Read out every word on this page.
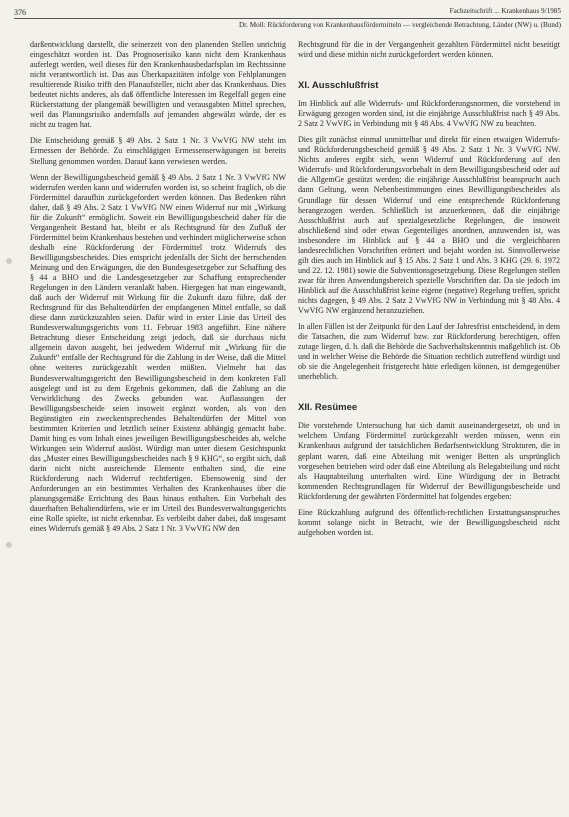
376	Fachzeitschrift ... Krankenhaus 9/1985
Dr. Moll: Rückforderung von Krankenhausfördermitteln — vergleichende Betrachtung, Länder (NW) u. (Bund)

darßentwicklung darstellt, die seinerzeit von den planenden Stellen unrichtig eingeschätzt worden ist. Das Prognoserisiko kann nicht dem Krankenhaus auferlegt werden, weil dieses für den Krankenhausbedarfsplan im Rechtssinne nicht verantwortlich ist. Das aus Überkapazitäten infolge von Fehlplanungen resultierende Risiko trifft den Planaufsteller, nicht aber das Krankenhaus. Dies bedeutet nichts anderes, als daß öffentliche Interessen im Regelfall gegen eine Rückerstattung der plangemäß bewilligten und verausgabten Mittel sprechen, weil das Planungsrisiko andernfalls auf jemanden abgewälzt würde, der es nicht zu tragen hat.

Die Entscheidung gemäß § 49 Abs. 2 Satz 1 Nr. 3 VwVfG NW steht im Ermessen der Behörde. Zu einschlägigen Ermessenserwägungen ist bereits Stellung genommen worden. Darauf kann verwiesen werden.

Wenn der Bewilligungsbescheid gemäß § 49 Abs. 2 Satz 1 Nr. 3 VwVfG NW widerrufen werden kann und widerrufen worden ist, so scheint fraglich, ob die Fördermittel daraufhin zurückgefordert werden können. Das Bedenken rührt daher, daß § 49 Abs. 2 Satz 1 VwVfG NW einen Widerruf nur mit „Wirkung für die Zukunft“ ermöglicht. Soweit ein Bewilligungsbescheid daher für die Vergangenheit Bestand hat, bleibt er als Rechtsgrund für den Zufluß der Fördermittel beim Krankenhaus bestehen und verhindert möglicherweise schon deshalb eine Rückforderung der Fördermittel trotz Widerrufs des Bewilligungsbescheides. Dies entspricht jedenfalls der Sicht der herrschenden Meinung und den Erwägungen, die den Bundesgesetzgeber zur Schaffung des § 44 a BHO und die Landesgesetzgeber zur Schaffung entsprechender Regelungen in den Ländern veranlaßt haben. Hiergegen hat man eingewandt, daß auch der Widerruf mit Wirkung für die Zukunft dazu führe, daß der Rechtsgrund für das Behaltendürfen der empfangenen Mittel entfalle, so daß diese dann zurückzuzahlen seien. Dafür wird in erster Linie das Urteil des Bundesverwaltungsgerichts vom 11. Februar 1983 angeführt. Eine nähere Betrachtung dieser Entscheidung zeigt jedoch, daß sie durchaus nicht allgemein davon ausgeht, bei jedwedem Widerruf mit „Wirkung für die Zukunft“ entfalle der Rechtsgrund für die Zahlung in der Weise, daß die Mittel ohne weiteres zurückgezahlt werden müßten. Vielmehr hat das Bundesverwaltungsgericht den Bewilligungsbescheid in dem konkreten Fall ausgelegt und ist zu dem Ergebnis gekommen, daß die Zahlung an die Verwirklichung des Zwecks gebunden war. Auflassungen der Bewilligungsbescheide seien insoweit ergänzt worden, als von den Begünstigten ein zweckentsprechendes Behaltendürfen der Mittel von bestimmten Kriterien und letztlich seiner Existenz abhängig gemacht habe. Damit hing es vom Inhalt eines jeweiligen Bewilligungsbescheides ab, welche Wirkungen sein Widerruf auslöst. Würdigt man unter diesem Gesichtspunkt das „Muster eines Bewilligungsbescheides nach § 9 KHG“, so ergibt sich, daß darin nicht nicht ausreichende Elemente enthalten sind, die eine Rückforderung nach Widerruf rechtfertigen. Ebensowenig sind der Anforderungen an ein bestimmtes Verhalten des Krankenhauses über die planungsgemäße Errichtung des Baus hinaus enthalten. Ein Vorbehalt des dauerhaften Behaltendürfens, wie er im Urteil des Bundesverwaltungsgerichts eine Rolle spielte, ist nicht erkennbar. Es verbleibt daher dabei, daß insgesamt eines Widerrufs gemäß § 49 Abs. 2 Satz 1 Nr. 3 VwVfG NW den

Rechtsgrund für die in der Vergangenheit gezahlten Fördermittel nicht beseitigt wird und diese mithin nicht zurückgefordert werden können.

XI. Ausschlußfrist

Im Hinblick auf alle Widerrufs- und Rückforderungsnormen, die vorstehend in Erwägung gezogen worden sind, ist die einjährige Ausschlußfrist nach § 49 Abs. 2 Satz 2 VwVfG in Verbindung mit § 48 Abs. 4 VwVfG NW zu beachten.

Dies gilt zunächst einmal unmittelbar und direkt für einen etwaigen Widerrufs- und Rückforderungsbescheid gemäß § 49 Abs. 2 Satz 1 Nr. 3 VwVfG NW. Nichts anderes ergibt sich, wenn Widerruf und Rückforderung auf den Widerrufs- und Rückforderungsvorbehalt in dem Bewilligungsbescheid oder auf die AllgemGe gestützt werden; die einjährige Ausschlußfrist beansprucht auch dann Geltung, wenn Nebenbestimmungen eines Bewilligungsbescheides als Grundlage für dessen Widerruf und eine entsprechende Rückforderung herangezogen werden. Schließlich ist anzuerkennen, daß die einjährige Ausschlußfrist auch auf spezialgesetzliche Regelungen, die insoweit abschließend sind oder etwas Gegenteiliges anordnen, anzuwenden ist, was insbesondere im Hinblick auf § 44 a BHO und die vergleichbaren landesrechtlichen Vorschriften erörtert und bejaht worden ist. Sinnvollerweise gilt dies auch im Hinblick auf § 15 Abs. 2 Satz 1 und Abs. 3 KHG (29. 6. 1972 und 22. 12. 1981) sowie die Subventionsgesetzgebung. Diese Regelungen stellen zwar für ihren Anwendungsbereich spezielle Vorschriften dar. Da sie jedoch im Hinblick auf die Ausschlußfrist keine eigene (negative) Regelung treffen, spricht nichts dagegen, § 49 Abs. 2 Satz 2 VwVfG NW in Verbindung mit § 48 Abs. 4 VwVfG NW ergänzend heranzuziehen.

In allen Fällen ist der Zeitpunkt für den Lauf der Jahresfrist entscheidend, in dem die Tatsachen, die zum Widerruf bzw. zur Rückforderung berechtigen, offen zutage liegen, d. h. daß die Behörde die Sachverhaltskenntnis maßgeblich ist. Ob und in welcher Weise die Behörde die Situation rechtlich zutreffend würdigt und ob sie die Angelegenheit fristgerecht hätte erledigen können, ist demgegenüber unerheblich.

XII. Resümee

Die vorstehende Untersuchung hat sich damit auseinandergesetzt, ob und in welchem Umfang Fördermittel zurückgezahlt werden müssen, wenn ein Krankenhaus aufgrund der tatsächlichen Bedarfsentwicklung Strukturen, die in geplant waren, daß eine Abteilung mit weniger Betten als ursprünglich vorgesehen betrieben wird oder daß eine Abteilung als Belegabteilung und nicht als Hauptabteilung unterhalten wird. Eine Würdigung der in Betracht kommenden Rechtsgrundlagen für Widerruf der Bewilligungsbescheide und Rückforderung der gewährten Fördermittel hat folgendes ergeben:

Eine Rückzahlung aufgrund des öffentlich-rechtlichen Erstattungsanspruches kommt solange nicht in Betracht, wie der Bewilligungsbescheid nicht aufgehoben worden ist.
